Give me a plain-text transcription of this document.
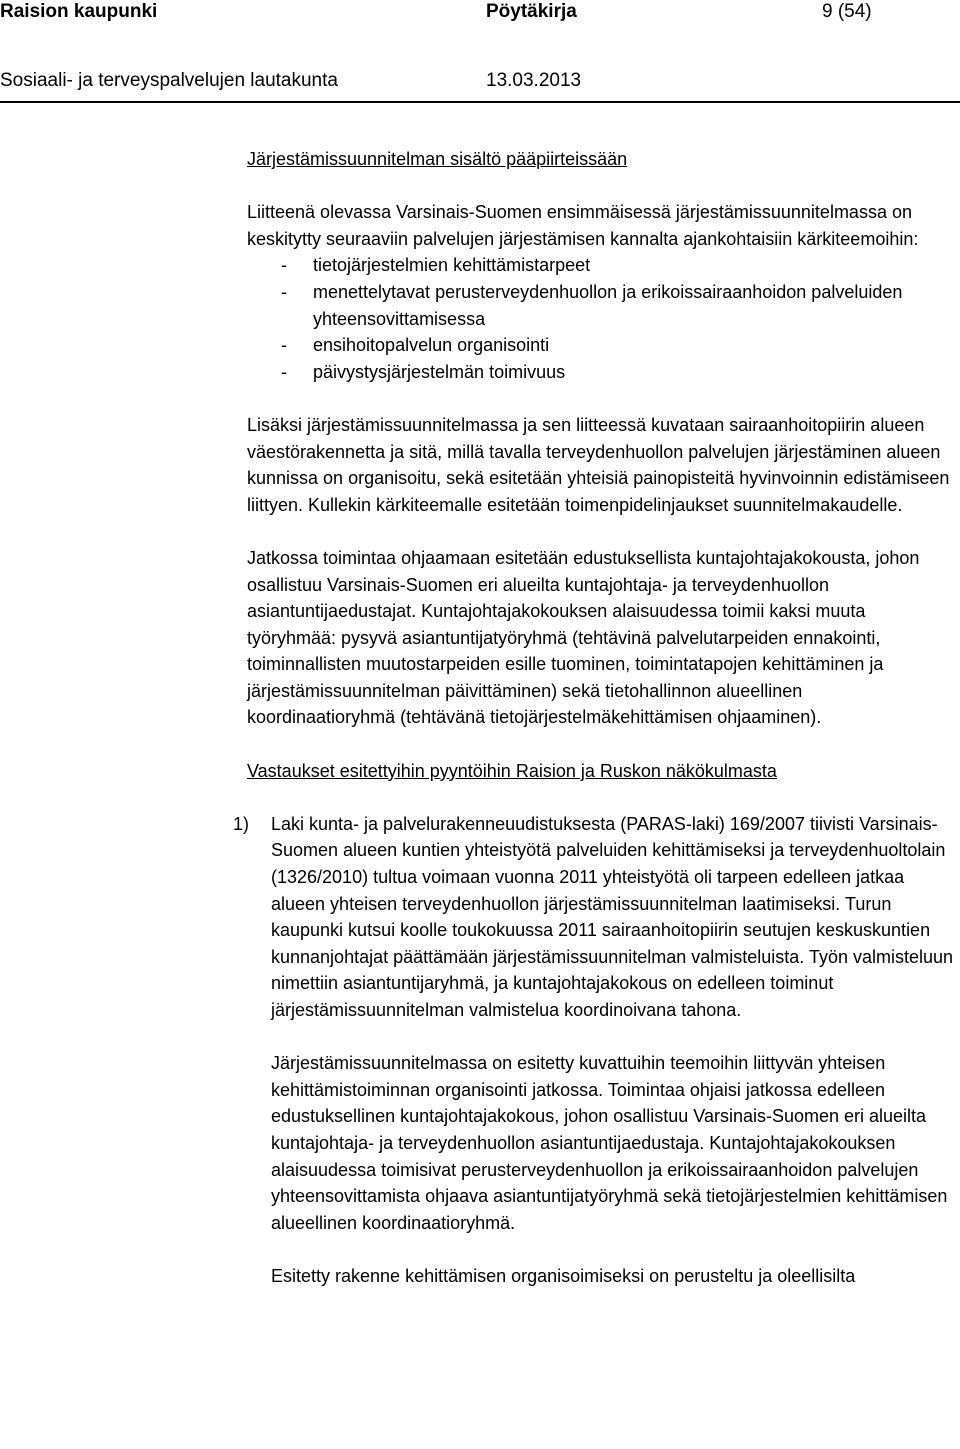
Raision kaupunki	Pöytäkirja	9 (54)
Sosiaali- ja terveyspalvelujen lautakunta	13.03.2013
Järjestämissuunnitelman sisältö pääpiirteissään
Liitteenä olevassa Varsinais-Suomen ensimmäisessä järjestämissuunnitelmassa on keskitytty seuraaviin palvelujen järjestämisen kannalta ajankohtaisiin kärkiteemoihin:
- tietojärjestelmien kehittämistarpeet
- menettelytavat perusterveydenhuollon ja erikoissairaanhoidon palveluiden yhteensovittamisessa
- ensihoitopalvelun organisointi
- päivystysjärjestelmän toimivuus
Lisäksi järjestämissuunnitelmassa ja sen liitteessä kuvataan sairaanhoitopiirin alueen väestörakennetta ja sitä, millä tavalla terveydenhuollon palvelujen järjestäminen alueen kunnissa on organisoitu, sekä esitetään yhteisiä painopisteitä hyvinvoinnin edistämiseen liittyen. Kullekin kärkiteemalle esitetään toimenpidelinjaukset suunnitelmakaudelle.
Jatkossa toimintaa ohjaamaan esitetään edustuksellista kuntajohtajakokousta, johon osallistuu Varsinais-Suomen eri alueilta kuntajohtaja- ja terveydenhuollon asiantuntijaedustajat. Kuntajohtajakokouksen alaisuudessa toimii kaksi muuta työryhmää: pysyvä asiantuntijatyöryhmä (tehtävinä palvelutarpeiden ennakointi, toiminnallisten muutostarpeiden esille tuominen, toimintatapojen kehittäminen ja järjestämissuunnitelman päivittäminen) sekä tietohallinnon alueellinen koordinaatioryhmä (tehtävänä tietojärjestelmäkehittämisen ohjaaminen).
Vastaukset esitettyihin pyyntöihin Raision ja Ruskon näkökulmasta
1) Laki kunta- ja palvelurakenneuudistuksesta (PARAS-laki) 169/2007 tiivisti Varsinais-Suomen alueen kuntien yhteistyötä palveluiden kehittämiseksi ja terveydenhuoltolain (1326/2010) tultua voimaan vuonna 2011 yhteistyötä oli tarpeen edelleen jatkaa alueen yhteisen terveydenhuollon järjestämissuunnitelman laatimiseksi. Turun kaupunki kutsui koolle toukokuussa 2011 sairaanhoitopiirin seutujen keskuskuntien kunnanjohtajat päättämään järjestämissuunnitelman valmisteluista. Työn valmisteluun nimettiin asiantuntijaryhmä, ja kuntajohtajakokous on edelleen toiminut järjestämissuunnitelman valmistelua koordinoivana tahona.
Järjestämissuunnitelmassa on esitetty kuvattuihin teemoihin liittyvän yhteisen kehittämistoiminnan organisointi jatkossa. Toimintaa ohjaisi jatkossa edelleen edustuksellinen kuntajohtajakokous, johon osallistuu Varsinais-Suomen eri alueilta kuntajohtaja- ja terveydenhuollon asiantuntijaedustaja. Kuntajohtajakokouksen alaisuudessa toimisivat perusterveydenhuollon ja erikoissairaanhoidon palvelujen yhteensovittamista ohjaava asiantuntijatyöryhmä sekä tietojärjestelmien kehittämisen alueellinen koordinaatioryhmä.
Esitetty rakenne kehittämisen organisoimiseksi on perusteltu ja oleellisilta
